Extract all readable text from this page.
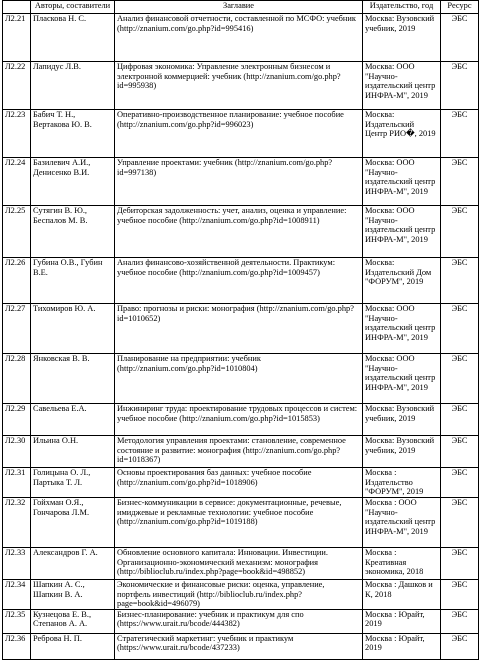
	Авторы, составители	Заглавие	Издательство, год	Ресурс
Л2.21	Пласкова Н. С.	Анализ финансовой отчетности, составленной по МСФО: учебник (http://znanium.com/go.php?id=995416)	Москва: Вузовский учебник, 2019	ЭБС
Л2.22	Лапидус Л.В.	Цифровая экономика: Управление электронным бизнесом и электронной коммерцией: учебник (http://znanium.com/go.php?id=995938)	Москва: ООО "Научно-издательский центр ИНФРА-М", 2019	ЭБС
Л2.23	Бабич Т. Н., Вертакова Ю. В.	Оперативно-производственное планирование: учебное пособие (http://znanium.com/go.php?id=996023)	Москва: Издательский Центр РИО�, 2019	ЭБС
Л2.24	Базилевич А.И., Денисенко В.И.	Управление проектами: учебник (http://znanium.com/go.php?id=997138)	Москва: ООО "Научно-издательский центр ИНФРА-М", 2019	ЭБС
Л2.25	Сутягин В. Ю., Беспалов М. В.	Дебиторская задолженность: учет, анализ, оценка и управление: учебное пособие (http://znanium.com/go.php?id=1008911)	Москва: ООО "Научно-издательский центр ИНФРА-М", 2019	ЭБС
Л2.26	Губина О.В., Губин В.Е.	Анализ финансово-хозяйственной деятельности. Практикум: учебное пособие (http://znanium.com/go.php?id=1009457)	Москва: Издательский Дом "ФОРУМ", 2019	ЭБС
Л2.27	Тихомиров Ю. А.	Право: прогнозы и риски: монография (http://znanium.com/go.php?id=1010652)	Москва: ООО "Научно-издательский центр ИНФРА-М", 2019	ЭБС
Л2.28	Янковская В. В.	Планирование на предприятии: учебник (http://znanium.com/go.php?id=1010804)	Москва: ООО "Научно-издательский центр ИНФРА-М", 2019	ЭБС
Л2.29	Савельева Е.А.	Инжиниринг труда: проектирование трудовых процессов и систем: учебное пособие (http://znanium.com/go.php?id=1015853)	Москва: Вузовский учебник, 2019	ЭБС
Л2.30	Ильина О.Н.	Методология управления проектами: становление, современное состояние и развитие: монография (http://znanium.com/go.php?id=1018367)	Москва: Вузовский учебник, 2019	ЭБС
Л2.31	Голицына О. Л., Партыка Т. Л.	Основы проектирования баз данных: учебное пособие (http://znanium.com/go.php?id=1018906)	Москва : Издательство "ФОРУМ", 2019	ЭБС
Л2.32	Гойхман О.Я., Гончарова Л.М.	Бизнес-коммуникации в сервисе: документационные, речевые, имиджевые и рекламные технологии: учебное пособие (http://znanium.com/go.php?id=1019188)	Москва : ООО "Научно-издательский центр ИНФРА-М", 2019	ЭБС
Л2.33	Александров Г. А.	Обновление основного капитала: Инновации. Инвестиции. Организационно-экономический механизм: монография (http://biblioclub.ru/index.php?page=book&id=498852)	Москва : Креативная экономика, 2018	ЭБС
Л2.34	Шапкин А. С., Шапкин В. А.	Экономические и финансовые риски: оценка, управление, портфель инвестиций (http://biblioclub.ru/index.php?page=book&id=496079)	Москва : Дашков и К, 2018	ЭБС
Л2.35	Кузнецова Е. В., Степанов А. А.	Бизнес-планирование: учебник и практикум для спо (https://www.urait.ru/bcode/444382)	Москва : Юрайт, 2019	ЭБС
Л2.36	Реброва Н. П.	Стратегический маркетинг: учебник и практикум (https://www.urait.ru/bcode/437233)	Москва : Юрайт, 2019	ЭБС
